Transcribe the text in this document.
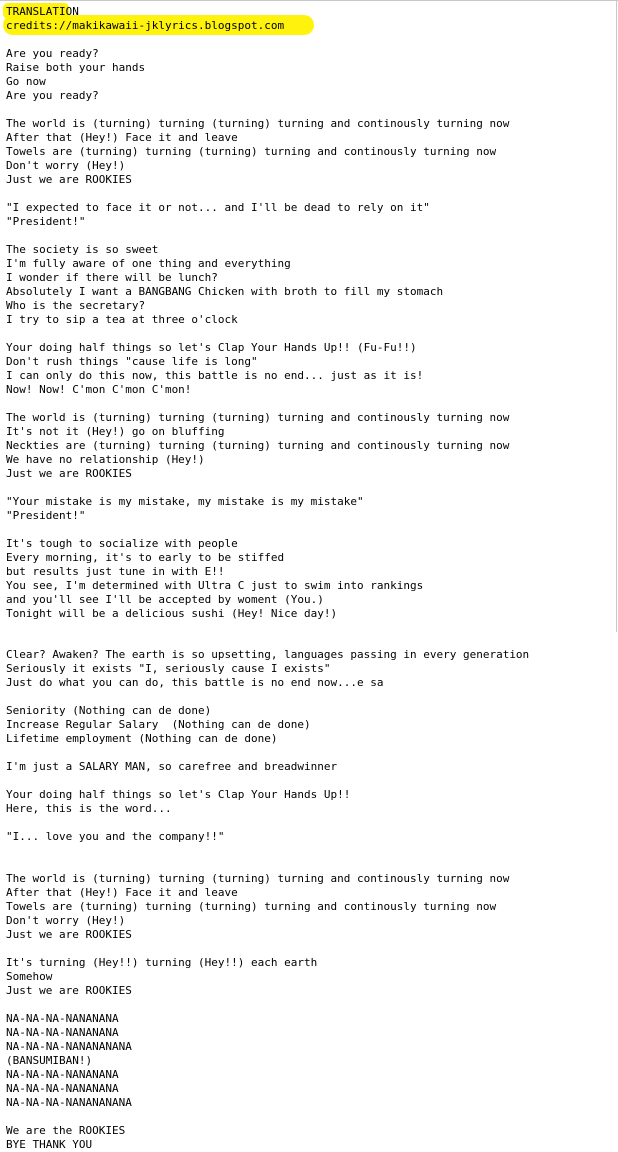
TRANSLATION
credits://makikawaii-jklyrics.blogspot.com
Are you ready?
Raise both your hands
Go now
Are you ready?
The world is (turning) turning (turning) turning and continously turning now
After that (Hey!) Face it and leave
Towels are (turning) turning (turning) turning and continously turning now
Don't worry (Hey!)
Just we are ROOKIES
"I expected to face it or not... and I'll be dead to rely on it"
"President!"
The society is so sweet
I'm fully aware of one thing and everything
I wonder if there will be lunch?
Absolutely I want a BANGBANG Chicken with broth to fill my stomach
Who is the secretary?
I try to sip a tea at three o'clock
Your doing half things so let's Clap Your Hands Up!! (Fu-Fu!!)
Don't rush things "cause life is long"
I can only do this now, this battle is no end... just as it is!
Now! Now! C'mon C'mon C'mon!
The world is (turning) turning (turning) turning and continously turning now
It's not it (Hey!) go on bluffing
Neckties are (turning) turning (turning) turning and continously turning now
We have no relationship (Hey!)
Just we are ROOKIES
"Your mistake is my mistake, my mistake is my mistake"
"President!"
It's tough to socialize with people
Every morning, it's to early to be stiffed
but results just tune in with E!!
You see, I'm determined with Ultra C just to swim into rankings
and you'll see I'll be accepted by woment (You.)
Tonight will be a delicious sushi (Hey! Nice day!)
Clear? Awaken? The earth is so upsetting, languages passing in every generation
Seriously it exists "I, seriously cause I exists"
Just do what you can do, this battle is no end now...e sa
Seniority (Nothing can de done)
Increase Regular Salary  (Nothing can de done)
Lifetime employment (Nothing can de done)
I'm just a SALARY MAN, so carefree and breadwinner
Your doing half things so let's Clap Your Hands Up!!
Here, this is the word...
"I... love you and the company!!"
The world is (turning) turning (turning) turning and continously turning now
After that (Hey!) Face it and leave
Towels are (turning) turning (turning) turning and continously turning now
Don't worry (Hey!)
Just we are ROOKIES
It's turning (Hey!!) turning (Hey!!) each earth
Somehow
Just we are ROOKIES
NA-NA-NA-NANANANA
NA-NA-NA-NANANANA
NA-NA-NA-NANANANANA
(BANSUMIBAN!)
NA-NA-NA-NANANANA
NA-NA-NA-NANANANA
NA-NA-NA-NANANANANA
We are the ROOKIES
BYE THANK YOU
